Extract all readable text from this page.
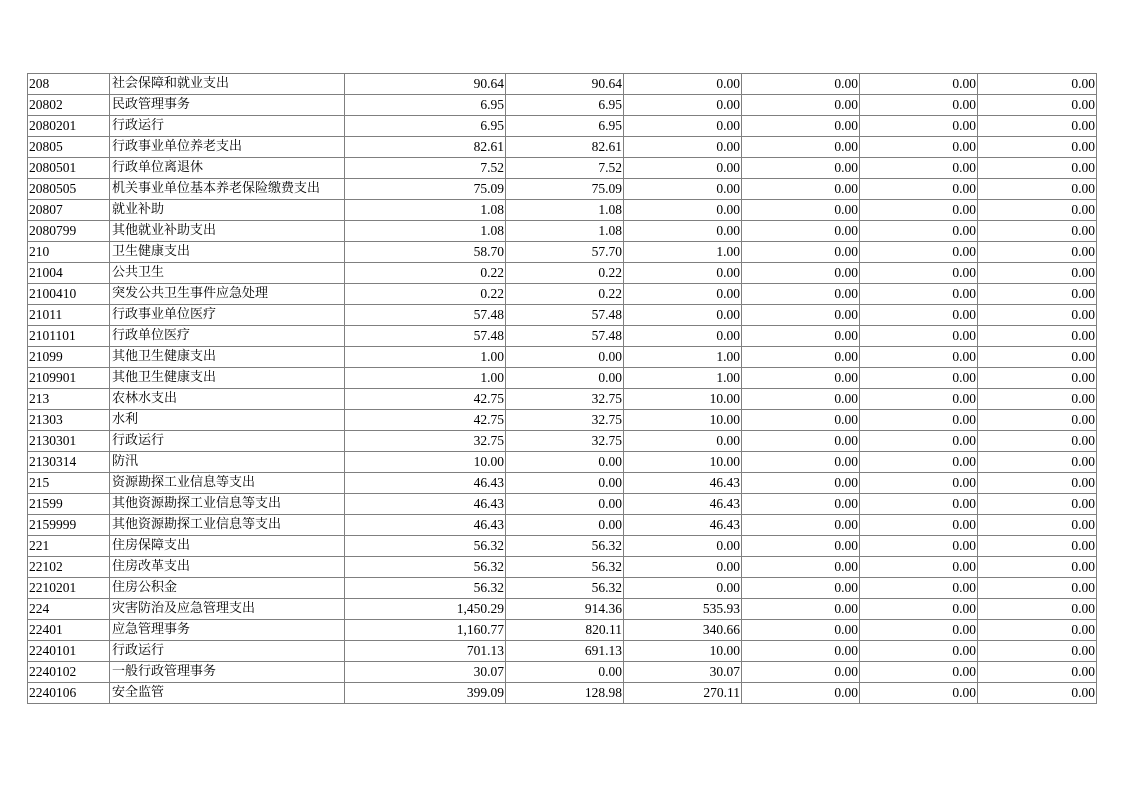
208	社会保障和就业支出	90.64	90.64	0.00	0.00	0.00	0.00
20802	民政管理事务	6.95	6.95	0.00	0.00	0.00	0.00
2080201	行政运行	6.95	6.95	0.00	0.00	0.00	0.00
20805	行政事业单位养老支出	82.61	82.61	0.00	0.00	0.00	0.00
2080501	行政单位离退休	7.52	7.52	0.00	0.00	0.00	0.00
2080505	机关事业单位基本养老保险缴费支出	75.09	75.09	0.00	0.00	0.00	0.00
20807	就业补助	1.08	1.08	0.00	0.00	0.00	0.00
2080799	其他就业补助支出	1.08	1.08	0.00	0.00	0.00	0.00
210	卫生健康支出	58.70	57.70	1.00	0.00	0.00	0.00
21004	公共卫生	0.22	0.22	0.00	0.00	0.00	0.00
2100410	突发公共卫生事件应急处理	0.22	0.22	0.00	0.00	0.00	0.00
21011	行政事业单位医疗	57.48	57.48	0.00	0.00	0.00	0.00
2101101	行政单位医疗	57.48	57.48	0.00	0.00	0.00	0.00
21099	其他卫生健康支出	1.00	0.00	1.00	0.00	0.00	0.00
2109901	其他卫生健康支出	1.00	0.00	1.00	0.00	0.00	0.00
213	农林水支出	42.75	32.75	10.00	0.00	0.00	0.00
21303	水利	42.75	32.75	10.00	0.00	0.00	0.00
2130301	行政运行	32.75	32.75	0.00	0.00	0.00	0.00
2130314	防汛	10.00	0.00	10.00	0.00	0.00	0.00
215	资源勘探工业信息等支出	46.43	0.00	46.43	0.00	0.00	0.00
21599	其他资源勘探工业信息等支出	46.43	0.00	46.43	0.00	0.00	0.00
2159999	其他资源勘探工业信息等支出	46.43	0.00	46.43	0.00	0.00	0.00
221	住房保障支出	56.32	56.32	0.00	0.00	0.00	0.00
22102	住房改革支出	56.32	56.32	0.00	0.00	0.00	0.00
2210201	住房公积金	56.32	56.32	0.00	0.00	0.00	0.00
224	灾害防治及应急管理支出	1,450.29	914.36	535.93	0.00	0.00	0.00
22401	应急管理事务	1,160.77	820.11	340.66	0.00	0.00	0.00
2240101	行政运行	701.13	691.13	10.00	0.00	0.00	0.00
2240102	一般行政管理事务	30.07	0.00	30.07	0.00	0.00	0.00
2240106	安全监管	399.09	128.98	270.11	0.00	0.00	0.00
